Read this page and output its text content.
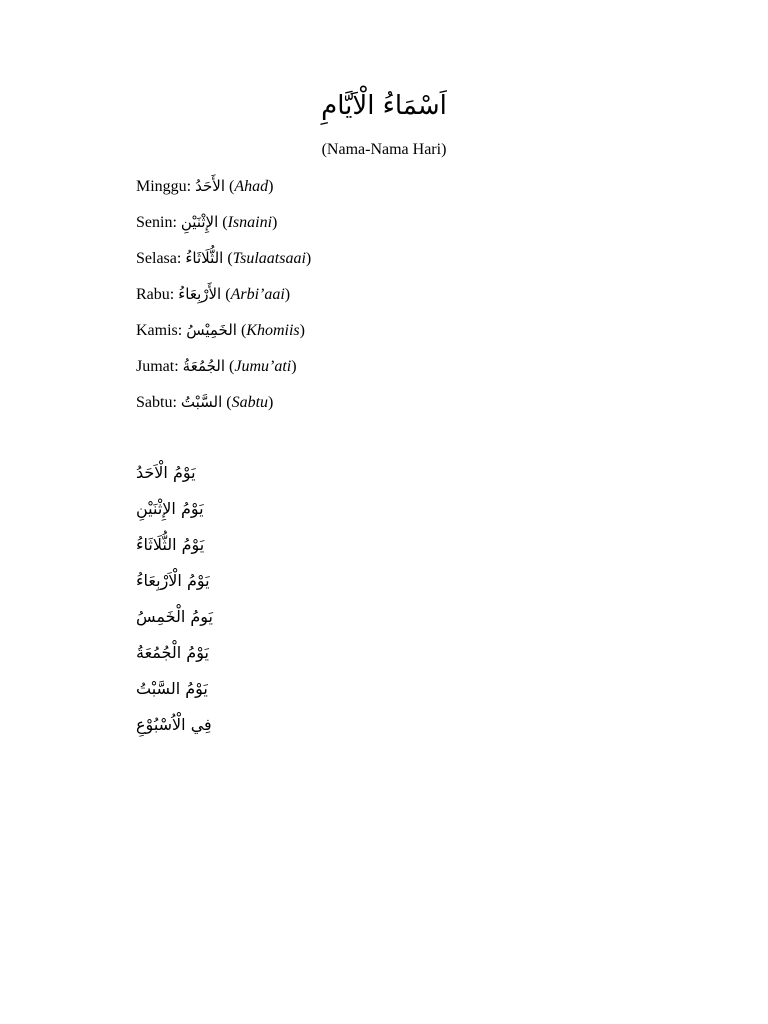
اَسْمَاءُ الْاَيَّامِ
(Nama-Nama Hari)
Minggu: الأَحَدُ (Ahad)
Senin: الإِثْنَيْنِ (Isnaini)
Selasa: الثُّلَاثَاءُ (Tsulaatsaai)
Rabu: الأَرْبِعَاءُ (Arbi’aai)
Kamis: الخَمِيْسُ (Khomiis)
Jumat: الجُمُعَةُ (Jumu’ati)
Sabtu: السَّبْتُ (Sabtu)
يَوْمُ الْاَحَدُ
يَوْمُ الإِثْنَيْنِ
يَوْمُ الثُّلَاثَاءُ
يَوْمُ الْاَرْبِعَاءُ
يَومُ الْخَمِسُ
يَوْمُ الْجُمُعَةُ
يَوْمُ السَّبْتُ
فِي الْاُسْبُوْعِ
